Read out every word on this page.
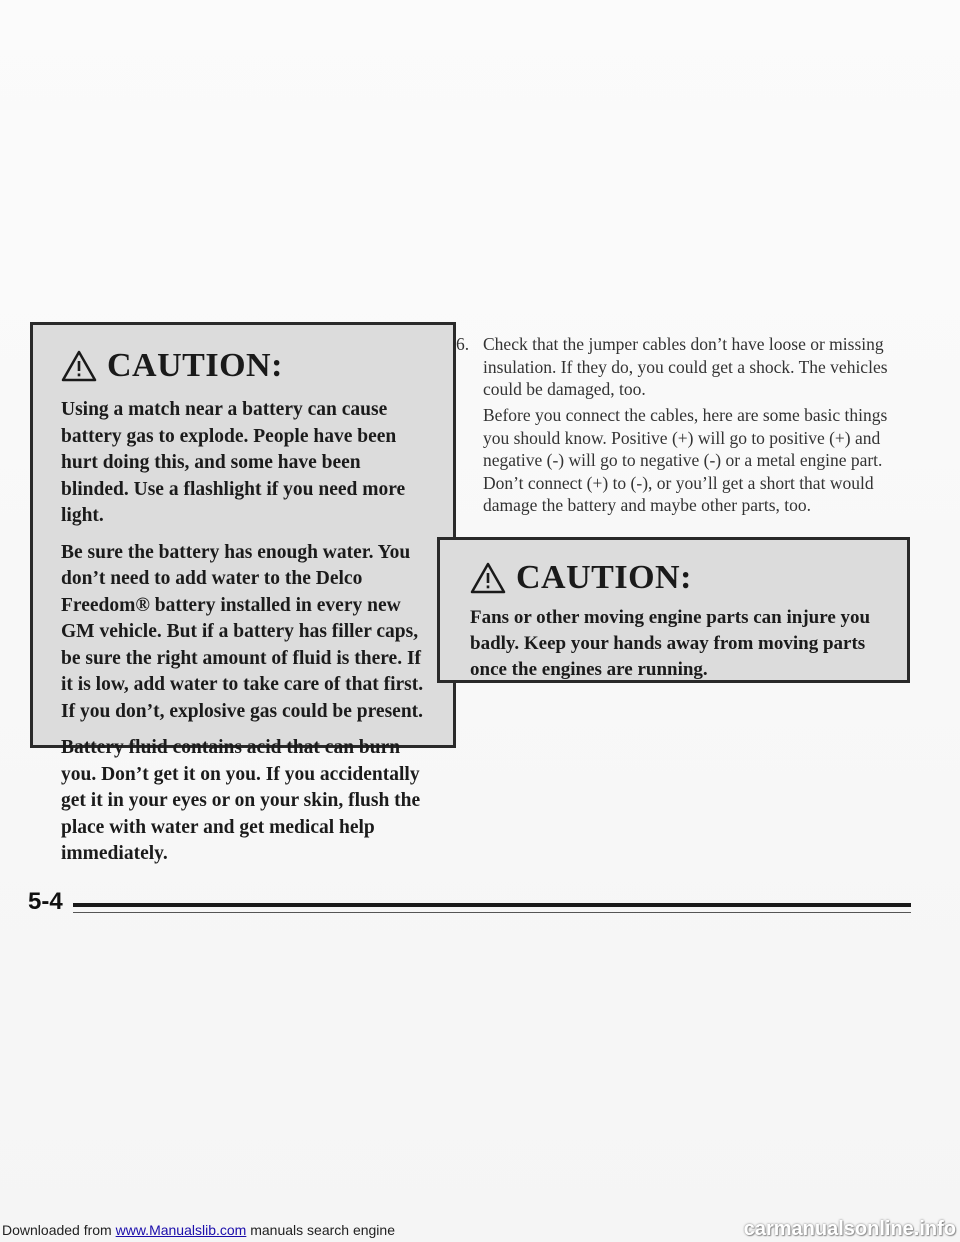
CAUTION:

Using a match near a battery can cause battery gas to explode. People have been hurt doing this, and some have been blinded. Use a flashlight if you need more light.

Be sure the battery has enough water. You don’t need to add water to the Delco Freedom® battery installed in every new GM vehicle. But if a battery has filler caps, be sure the right amount of fluid is there. If it is low, add water to take care of that first. If you don’t, explosive gas could be present.

Battery fluid contains acid that can burn you. Don’t get it on you. If you accidentally get it in your eyes or on your skin, flush the place with water and get medical help immediately.

6. Check that the jumper cables don’t have loose or missing insulation. If they do, you could get a shock. The vehicles could be damaged, too.
Before you connect the cables, here are some basic things you should know. Positive (+) will go to positive (+) and negative (-) will go to negative (-) or a metal engine part. Don’t connect (+) to (-), or you’ll get a short that would damage the battery and maybe other parts, too.
CAUTION:

Fans or other moving engine parts can injure you badly. Keep your hands away from moving parts once the engines are running.

5-4
Downloaded from www.Manualslib.com manuals search engine	carmanualsonline.info
